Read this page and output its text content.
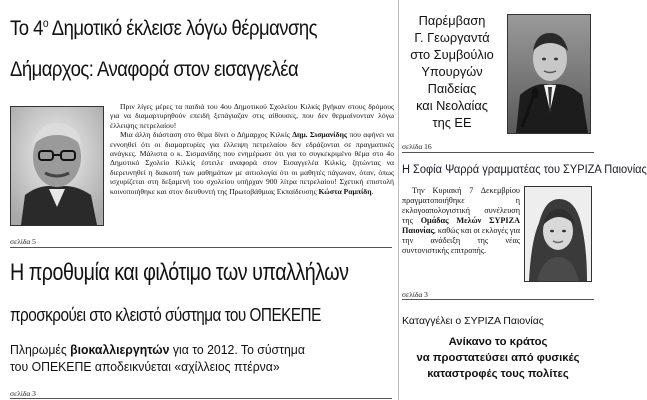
Το $4^o$ Δημοτικό έκλεισε λόγω θέρμανσης
Δήμαρχος: Αναφορά στον εισαγγελέα

Πριν λίγες μέρες τα παιδιά του 4ου Δημοτικού Σχολείου Κιλκίς βγήκαν στους δρόμους για να διαμαρτυρηθούν επειδή ξεπάγιαζαν στις αίθουσες, που δεν θερμαίνονταν λόγω έλλειψης πετρελαίου!

Μια άλλη διάσταση στο θέμα δίνει ο Δήμαρχος Κιλκίς Δημ. Σισμανίδης που αφήνει να εννοηθεί ότι οι διαμαρτυρίες για έλλειψη πετρελαίου δεν εδράζονται σε πραγματικές ανάγκες. Μάλιστα ο κ. Σισμανίδης που ενημέρωσε ότι για το συγκεκριμένο θέμα στο 4ο Δημοτικό Σχολείο Κιλκίς έστειλε αναφορά στον Εισαγγελέα Κιλκίς, ζητώντας να διερευνηθεί η διακοπή των μαθημάτων με αιτιολογία ότι οι μαθητές πάγωναν, όταν, όπως ισχυρίζεται στη δεξαμενή του σχολείου υπήρχαν 900 λίτρα πετρελαίου! Σχετική επιστολή κοινοποιήθηκε και στον διευθυντή της Πρωτοβάθμιας Εκπαίδευσης Κώστα Ραμπίδη.

σελίδα 5
Η προθυμία και φιλότιμο των υπαλλήλων
προσκρούει στο κλειστό σύστημα του ΟΠΕΚΕΠΕ
Πληρωμές βιοκαλλιεργητών για το 2012. Το σύστημα
του ΟΠΕΚΕΠΕ αποδεικνύεται «αχίλλειος πτέρνα»
σελίδα 3
Παρέμβαση
Γ. Γεωργαντά
στο Συμβούλιο
Υπουργών
Παιδείας
και Νεολαίας
της ΕΕ
σελίδα 16
Η Σοφία Ψαρρά γραμματέας του ΣΥΡΙΖΑ Παιονίας
Την Κυριακή 7 Δεκεμβρίου πραγματοποιήθηκε η εκλογοαπολογιστική συνέλευση της Ομάδας Μελών ΣΥΡΙΖΑ Παιονίας, καθώς και οι εκλογές για την ανάδειξη της νέας συντονιστικής επιτροπής.
σελίδα 3
Καταγγέλει ο ΣΥΡΙΖΑ Παιονίας
Ανίκανο το κράτος
να προστατεύσει από φυσικές
καταστροφές τους πολίτες
